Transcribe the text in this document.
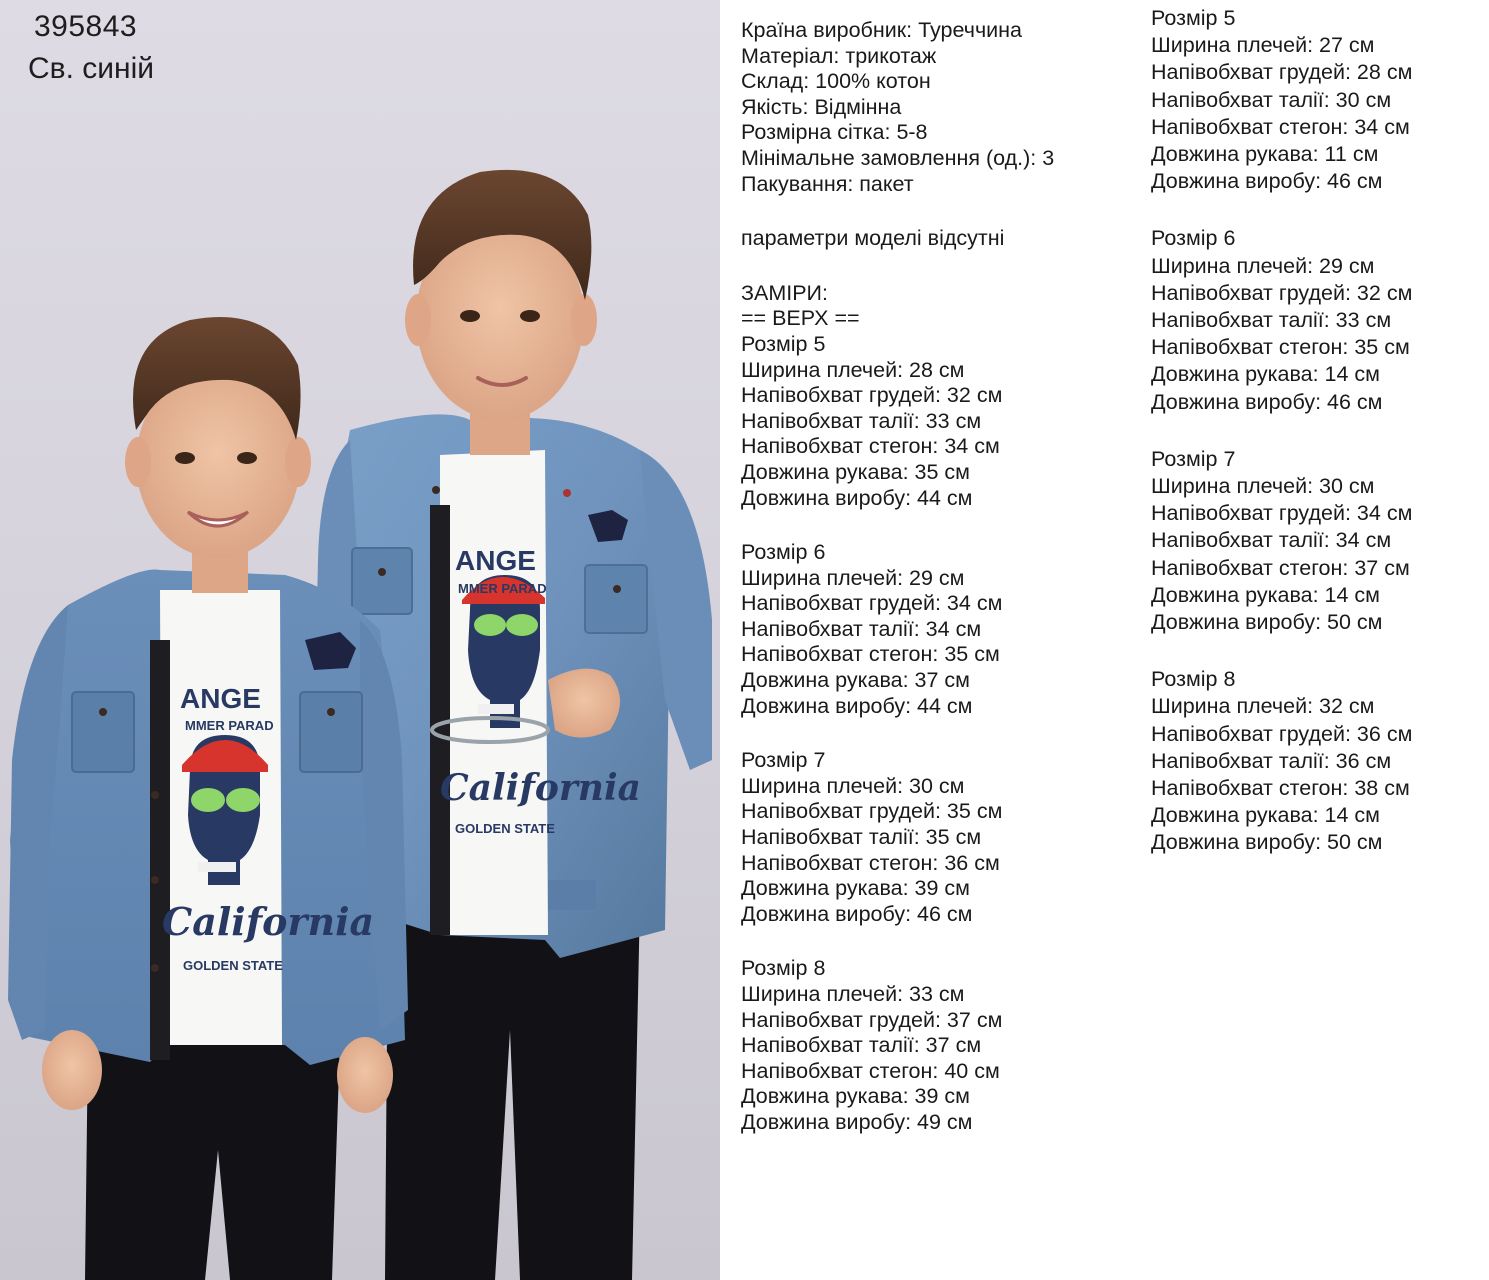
ANGE
MMER PARAD
California
GOLDEN STATE
ANGE
MMER PARAD
California
GOLDEN STATE
395843
Св. синій
Країна виробник: Туреччина
Матеріал: трикотаж
Склад: 100% котон
Якість: Відмінна
Розмірна сітка: 5-8
Мінімальне замовлення (од.): 3
Пакування: пакет
параметри моделі відсутні
ЗАМІРИ:
== ВЕРХ ==
Розмір 5
Ширина плечей: 28 см
Напівобхват грудей: 32 см
Напівобхват талії: 33 см
Напівобхват стегон: 34 см
Довжина рукава: 35 см
Довжина виробу: 44 см
Розмір 6
Ширина плечей: 29 см
Напівобхват грудей: 34 см
Напівобхват талії: 34 см
Напівобхват стегон: 35 см
Довжина рукава: 37 см
Довжина виробу: 44 см
Розмір 7
Ширина плечей: 30 см
Напівобхват грудей: 35 см
Напівобхват талії: 35 см
Напівобхват стегон: 36 см
Довжина рукава: 39 см
Довжина виробу: 46 см
Розмір 8
Ширина плечей: 33 см
Напівобхват грудей: 37 см
Напівобхват талії: 37 см
Напівобхват стегон: 40 см
Довжина рукава: 39 см
Довжина виробу: 49 см
Розмір 5
Ширина плечей: 27 см
Напівобхват грудей: 28 см
Напівобхват талії: 30 см
Напівобхват стегон: 34 см
Довжина рукава: 11 см
Довжина виробу: 46 см
Розмір 6
Ширина плечей: 29 см
Напівобхват грудей: 32 см
Напівобхват талії: 33 см
Напівобхват стегон: 35 см
Довжина рукава: 14 см
Довжина виробу: 46 см
Розмір 7
Ширина плечей: 30 см
Напівобхват грудей: 34 см
Напівобхват талії: 34 см
Напівобхват стегон: 37 см
Довжина рукава: 14 см
Довжина виробу: 50 см
Розмір 8
Ширина плечей: 32 см
Напівобхват грудей: 36 см
Напівобхват талії: 36 см
Напівобхват стегон: 38 см
Довжина рукава: 14 см
Довжина виробу: 50 см
